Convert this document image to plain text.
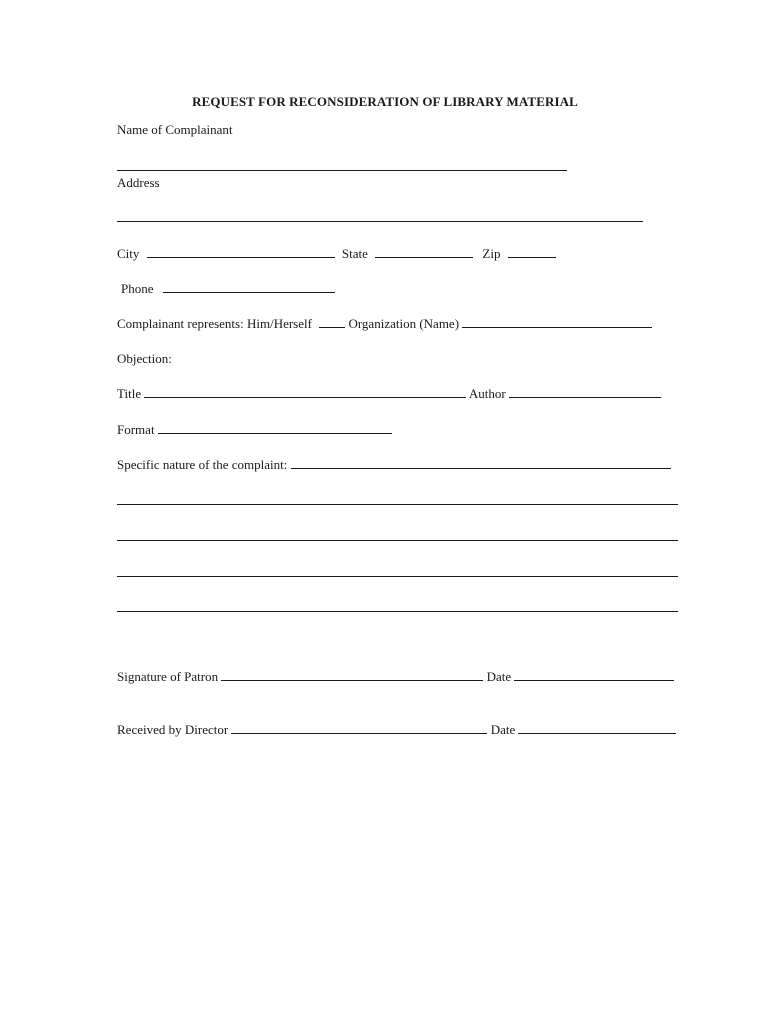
REQUEST FOR RECONSIDERATION OF LIBRARY MATERIAL
Name of Complainant
Address
City	State	Zip
Phone
Complainant represents: Him/Herself	Organization (Name)
Objection:
Title	Author
Format
Specific nature of the complaint:
Signature of Patron	Date
Received by Director	Date
